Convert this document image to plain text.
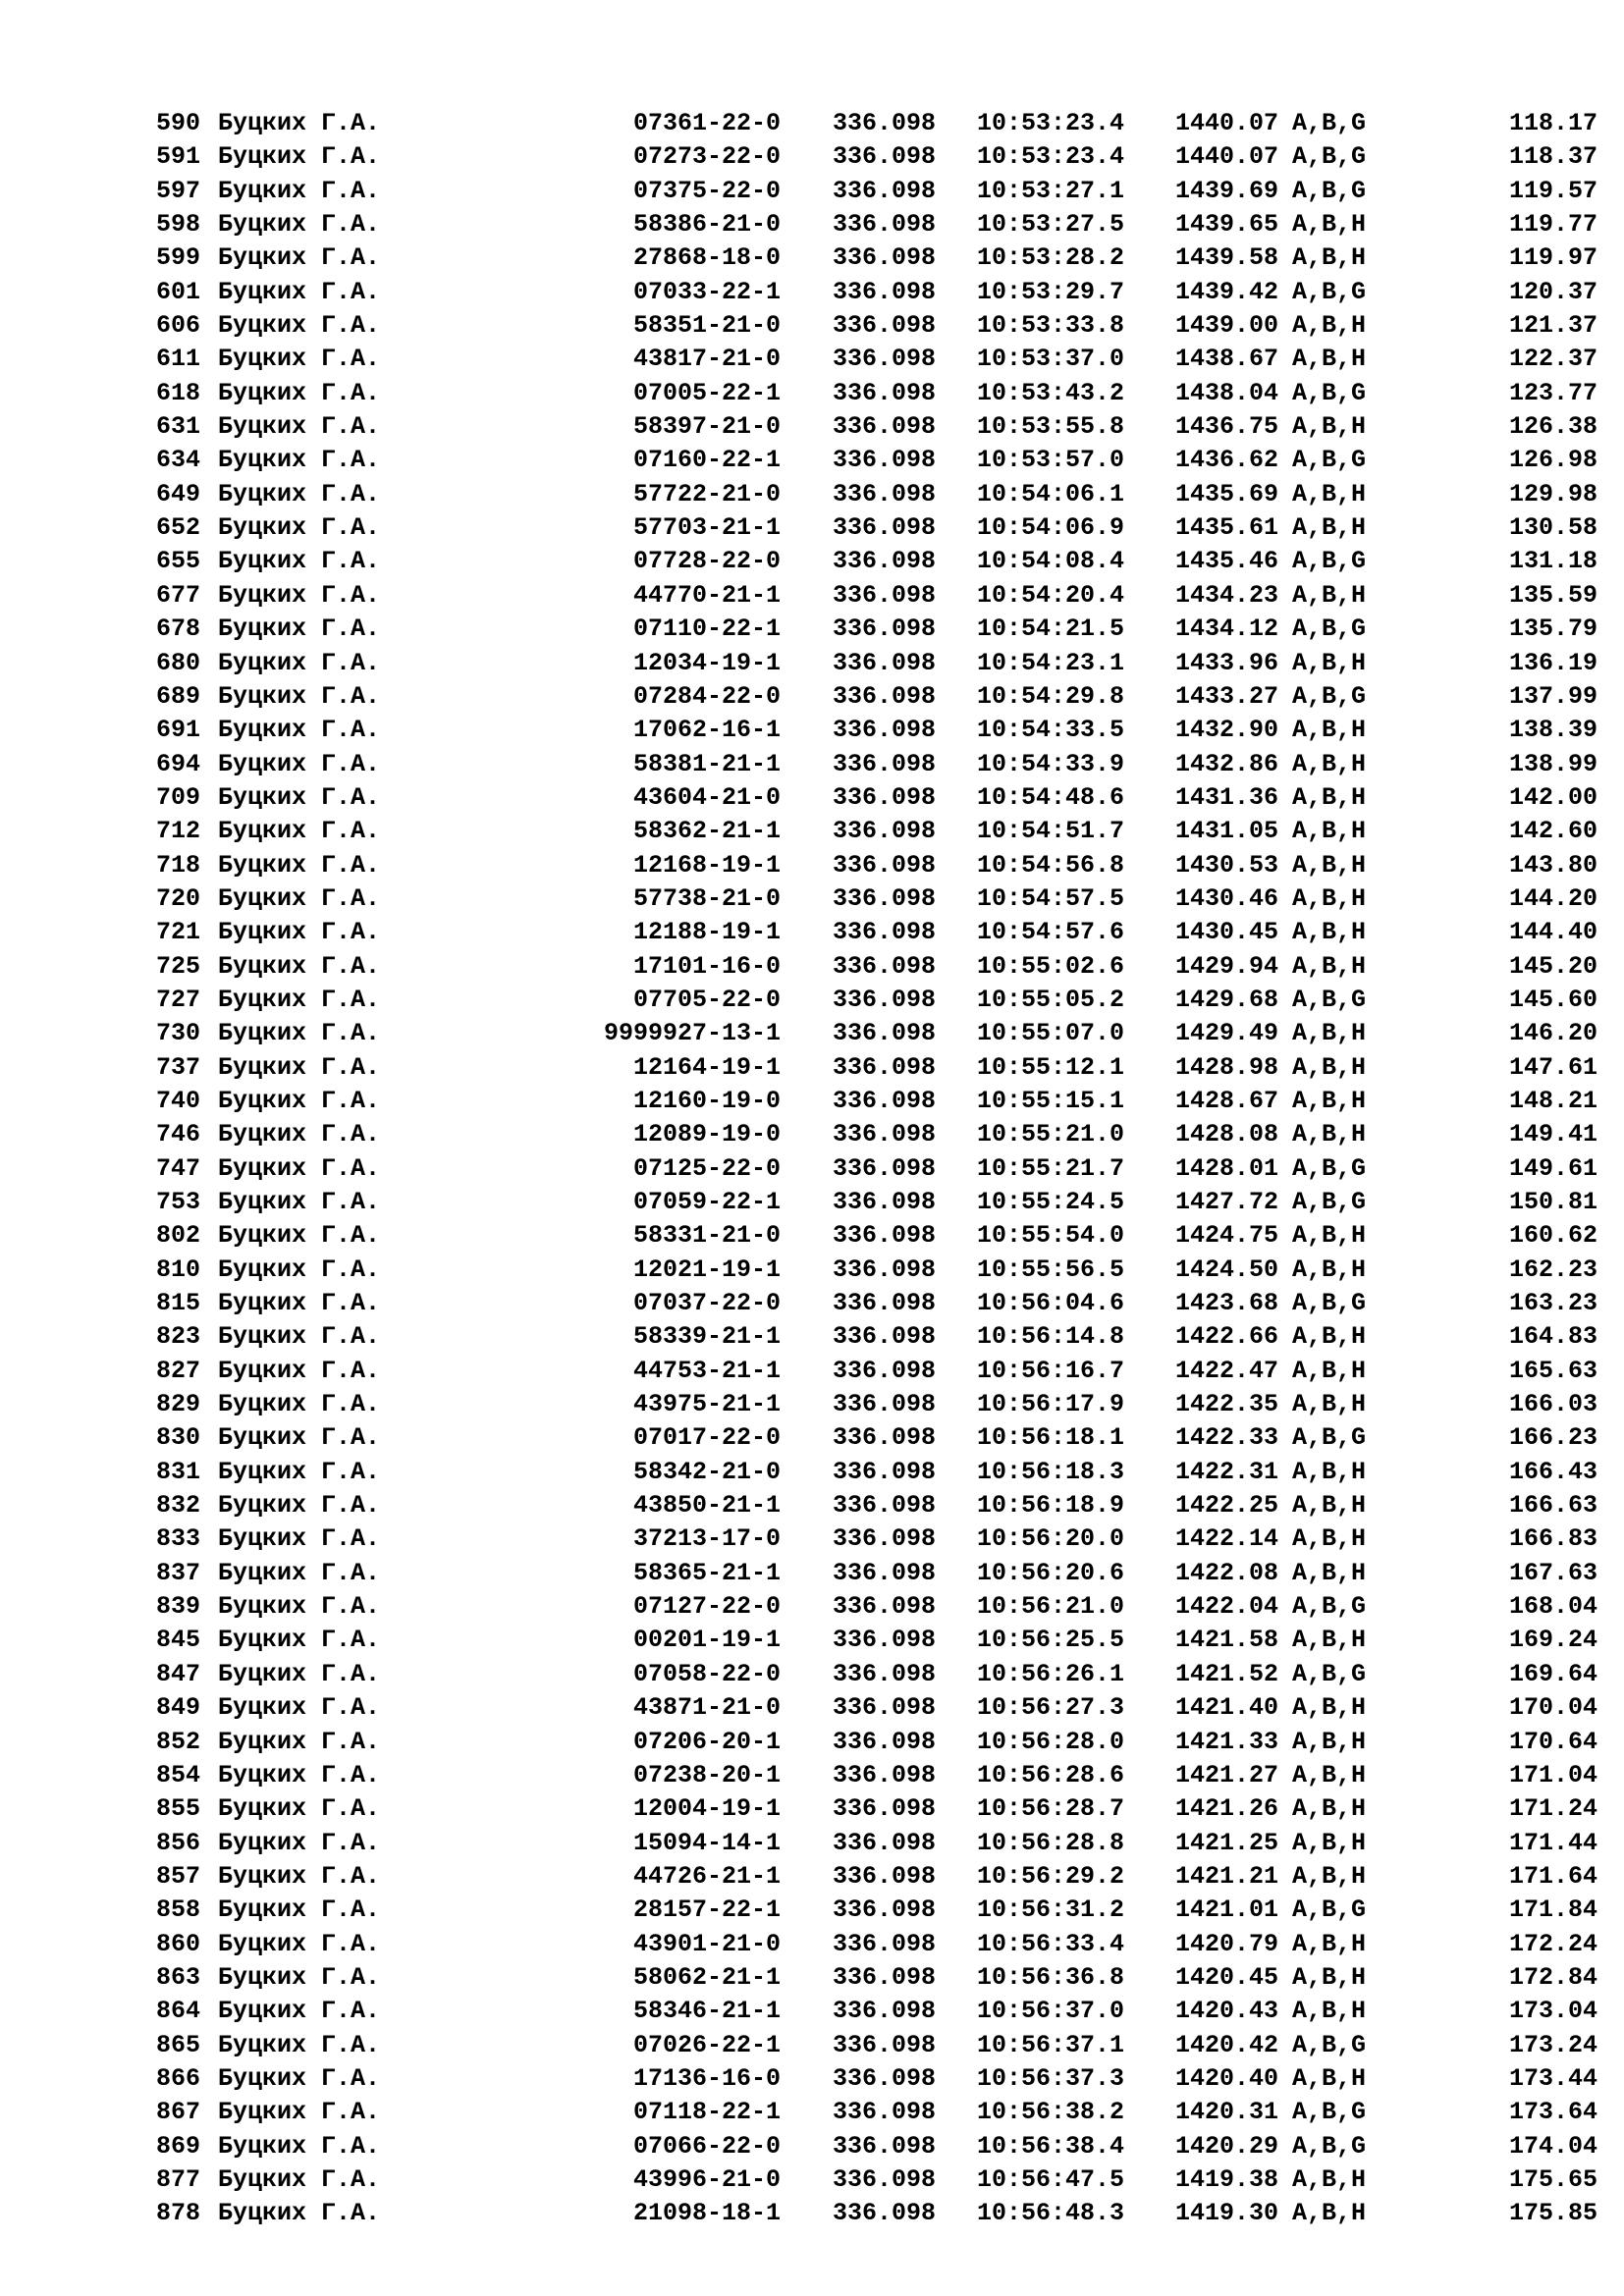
590 Буцких Г.А.	07361-22-0 336.098 10:53:23.4 1440.07 A,B,G	118.17
591 Буцких Г.А.	07273-22-0 336.098 10:53:23.4 1440.07 A,B,G	118.37
597 Буцких Г.А.	07375-22-0 336.098 10:53:27.1 1439.69 A,B,G	119.57
598 Буцких Г.А.	58386-21-0 336.098 10:53:27.5 1439.65 A,B,H	119.77
599 Буцких Г.А.	27868-18-0 336.098 10:53:28.2 1439.58 A,B,H	119.97
601 Буцких Г.А.	07033-22-1 336.098 10:53:29.7 1439.42 A,B,G	120.37
606 Буцких Г.А.	58351-21-0 336.098 10:53:33.8 1439.00 A,B,H	121.37
611 Буцких Г.А.	43817-21-0 336.098 10:53:37.0 1438.67 A,B,H	122.37
618 Буцких Г.А.	07005-22-1 336.098 10:53:43.2 1438.04 A,B,G	123.77
631 Буцких Г.А.	58397-21-0 336.098 10:53:55.8 1436.75 A,B,H	126.38
634 Буцких Г.А.	07160-22-1 336.098 10:53:57.0 1436.62 A,B,G	126.98
649 Буцких Г.А.	57722-21-0 336.098 10:54:06.1 1435.69 A,B,H	129.98
652 Буцких Г.А.	57703-21-1 336.098 10:54:06.9 1435.61 A,B,H	130.58
655 Буцких Г.А.	07728-22-0 336.098 10:54:08.4 1435.46 A,B,G	131.18
677 Буцких Г.А.	44770-21-1 336.098 10:54:20.4 1434.23 A,B,H	135.59
678 Буцких Г.А.	07110-22-1 336.098 10:54:21.5 1434.12 A,B,G	135.79
680 Буцких Г.А.	12034-19-1 336.098 10:54:23.1 1433.96 A,B,H	136.19
689 Буцких Г.А.	07284-22-0 336.098 10:54:29.8 1433.27 A,B,G	137.99
691 Буцких Г.А.	17062-16-1 336.098 10:54:33.5 1432.90 A,B,H	138.39
694 Буцких Г.А.	58381-21-1 336.098 10:54:33.9 1432.86 A,B,H	138.99
709 Буцких Г.А.	43604-21-0 336.098 10:54:48.6 1431.36 A,B,H	142.00
712 Буцких Г.А.	58362-21-1 336.098 10:54:51.7 1431.05 A,B,H	142.60
718 Буцких Г.А.	12168-19-1 336.098 10:54:56.8 1430.53 A,B,H	143.80
720 Буцких Г.А.	57738-21-0 336.098 10:54:57.5 1430.46 A,B,H	144.20
721 Буцких Г.А.	12188-19-1 336.098 10:54:57.6 1430.45 A,B,H	144.40
725 Буцких Г.А.	17101-16-0 336.098 10:55:02.6 1429.94 A,B,H	145.20
727 Буцких Г.А.	07705-22-0 336.098 10:55:05.2 1429.68 A,B,G	145.60
730 Буцких Г.А.	9999927-13-1 336.098 10:55:07.0 1429.49 A,B,H	146.20
737 Буцких Г.А.	12164-19-1 336.098 10:55:12.1 1428.98 A,B,H	147.61
740 Буцких Г.А.	12160-19-0 336.098 10:55:15.1 1428.67 A,B,H	148.21
746 Буцких Г.А.	12089-19-0 336.098 10:55:21.0 1428.08 A,B,H	149.41
747 Буцких Г.А.	07125-22-0 336.098 10:55:21.7 1428.01 A,B,G	149.61
753 Буцких Г.А.	07059-22-1 336.098 10:55:24.5 1427.72 A,B,G	150.81
802 Буцких Г.А.	58331-21-0 336.098 10:55:54.0 1424.75 A,B,H	160.62
810 Буцких Г.А.	12021-19-1 336.098 10:55:56.5 1424.50 A,B,H	162.23
815 Буцких Г.А.	07037-22-0 336.098 10:56:04.6 1423.68 A,B,G	163.23
823 Буцких Г.А.	58339-21-1 336.098 10:56:14.8 1422.66 A,B,H	164.83
827 Буцких Г.А.	44753-21-1 336.098 10:56:16.7 1422.47 A,B,H	165.63
829 Буцких Г.А.	43975-21-1 336.098 10:56:17.9 1422.35 A,B,H	166.03
830 Буцких Г.А.	07017-22-0 336.098 10:56:18.1 1422.33 A,B,G	166.23
831 Буцких Г.А.	58342-21-0 336.098 10:56:18.3 1422.31 A,B,H	166.43
832 Буцких Г.А.	43850-21-1 336.098 10:56:18.9 1422.25 A,B,H	166.63
833 Буцких Г.А.	37213-17-0 336.098 10:56:20.0 1422.14 A,B,H	166.83
837 Буцких Г.А.	58365-21-1 336.098 10:56:20.6 1422.08 A,B,H	167.63
839 Буцких Г.А.	07127-22-0 336.098 10:56:21.0 1422.04 A,B,G	168.04
845 Буцких Г.А.	00201-19-1 336.098 10:56:25.5 1421.58 A,B,H	169.24
847 Буцких Г.А.	07058-22-0 336.098 10:56:26.1 1421.52 A,B,G	169.64
849 Буцких Г.А.	43871-21-0 336.098 10:56:27.3 1421.40 A,B,H	170.04
852 Буцких Г.А.	07206-20-1 336.098 10:56:28.0 1421.33 A,B,H	170.64
854 Буцких Г.А.	07238-20-1 336.098 10:56:28.6 1421.27 A,B,H	171.04
855 Буцких Г.А.	12004-19-1 336.098 10:56:28.7 1421.26 A,B,H	171.24
856 Буцких Г.А.	15094-14-1 336.098 10:56:28.8 1421.25 A,B,H	171.44
857 Буцких Г.А.	44726-21-1 336.098 10:56:29.2 1421.21 A,B,H	171.64
858 Буцких Г.А.	28157-22-1 336.098 10:56:31.2 1421.01 A,B,G	171.84
860 Буцких Г.А.	43901-21-0 336.098 10:56:33.4 1420.79 A,B,H	172.24
863 Буцких Г.А.	58062-21-1 336.098 10:56:36.8 1420.45 A,B,H	172.84
864 Буцких Г.А.	58346-21-1 336.098 10:56:37.0 1420.43 A,B,H	173.04
865 Буцких Г.А.	07026-22-1 336.098 10:56:37.1 1420.42 A,B,G	173.24
866 Буцких Г.А.	17136-16-0 336.098 10:56:37.3 1420.40 A,B,H	173.44
867 Буцких Г.А.	07118-22-1 336.098 10:56:38.2 1420.31 A,B,G	173.64
869 Буцких Г.А.	07066-22-0 336.098 10:56:38.4 1420.29 A,B,G	174.04
877 Буцких Г.А.	43996-21-0 336.098 10:56:47.5 1419.38 A,B,H	175.65
878 Буцких Г.А.	21098-18-1 336.098 10:56:48.3 1419.30 A,B,H	175.85
